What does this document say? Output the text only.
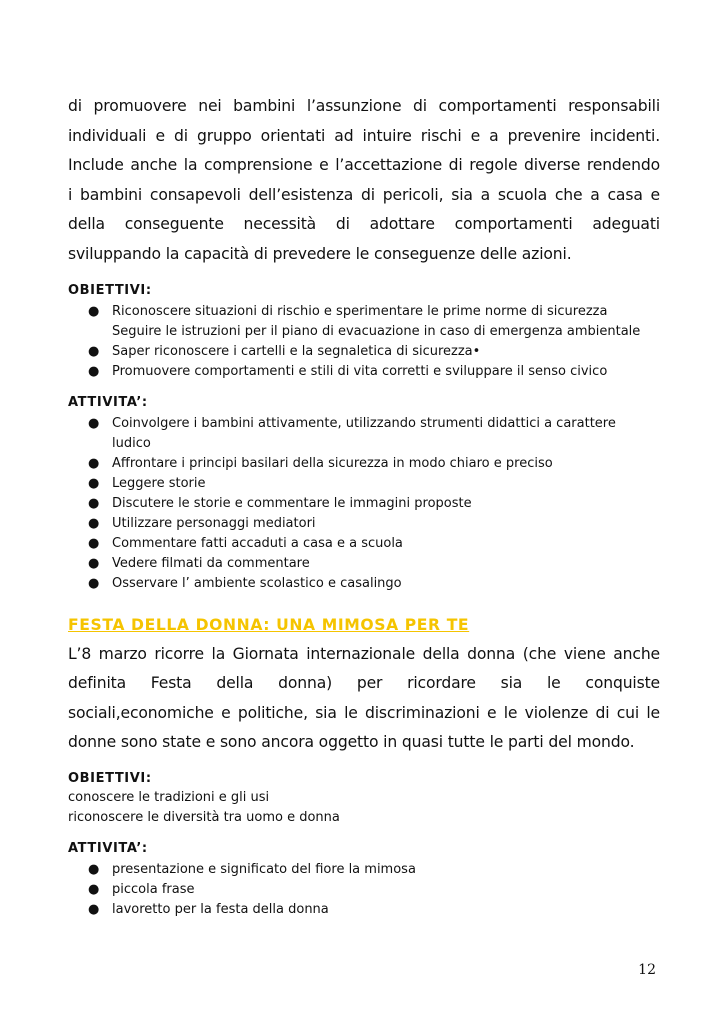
di promuovere nei bambini l’assunzione di comportamenti responsabili

individuali e di gruppo orientati ad intuire rischi e a prevenire incidenti.

Include anche la comprensione e l’accettazione di regole diverse rendendo

i bambini consapevoli dell’esistenza di pericoli, sia a scuola che a casa e

della conseguente necessità di adottare comportamenti adeguati

sviluppando la capacità di prevedere le conseguenze delle azioni.

OBIETTIVI:
● Riconoscere situazioni di rischio e sperimentare le prime norme di sicurezza
Seguire le istruzioni per il piano di evacuazione in caso di emergenza ambientale
● Saper riconoscere i cartelli e la segnaletica di sicurezza•
● Promuovere comportamenti e stili di vita corretti e sviluppare il senso civico
ATTIVITA’:
● Coinvolgere i bambini attivamente, utilizzando strumenti didattici a carattere
ludico
● Affrontare i principi basilari della sicurezza in modo chiaro e preciso
● Leggere storie
● Discutere le storie e commentare le immagini proposte
● Utilizzare personaggi mediatori
● Commentare fatti accaduti a casa e a scuola
● Vedere filmati da commentare
● Osservare l’ ambiente scolastico e casalingo
FESTA DELLA DONNA: UNA MIMOSA PER TE

L’8 marzo ricorre la Giornata internazionale della donna (che viene anche

definita Festa della donna) per ricordare sia le conquiste

sociali,economiche e politiche, sia le discriminazioni e le violenze di cui le

donne sono state e sono ancora oggetto in quasi tutte le parti del mondo.

OBIETTIVI:

conoscere le tradizioni e gli usi

riconoscere le diversità tra uomo e donna

ATTIVITA’:
● presentazione e significato del fiore la mimosa
● piccola frase
● lavoretto per la festa della donna
12
